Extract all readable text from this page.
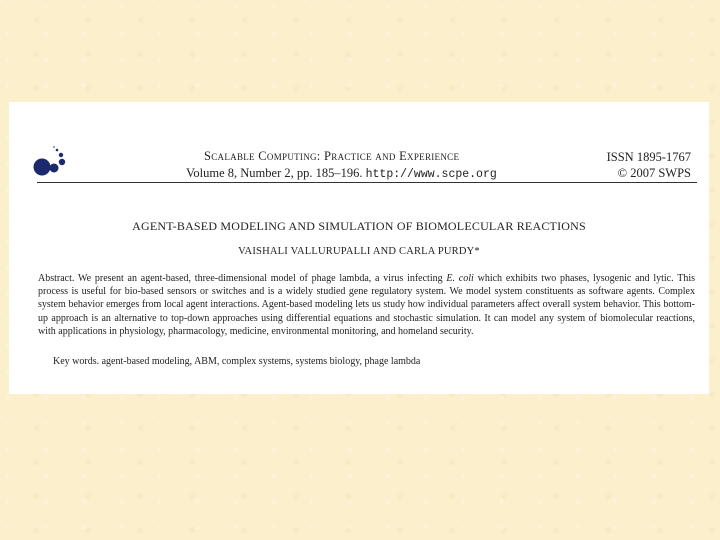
Scalable Computing: Practice and Experience
Volume 8, Number 2, pp. 185–196. http://www.scpe.org
ISSN 1895-1767
© 2007 SWPS
AGENT-BASED MODELING AND SIMULATION OF BIOMOLECULAR REACTIONS
VAISHALI VALLURUPALLI AND CARLA PURDY*

Abstract. We present an agent-based, three-dimensional model of phage lambda, a virus infecting E. coli which exhibits two phases, lysogenic and lytic. This process is useful for bio-based sensors or switches and is a widely studied gene regulatory system. We model system constituents as software agents. Complex system behavior emerges from local agent interactions. Agent-based modeling lets us study how individual parameters affect overall system behavior. This bottom-up approach is an alternative to top-down approaches using differential equations and stochastic simulation. It can model any system of biomolecular reactions, with applications in physiology, pharmacology, medicine, environmental monitoring, and homeland security.

Key words. agent-based modeling, ABM, complex systems, systems biology, phage lambda
